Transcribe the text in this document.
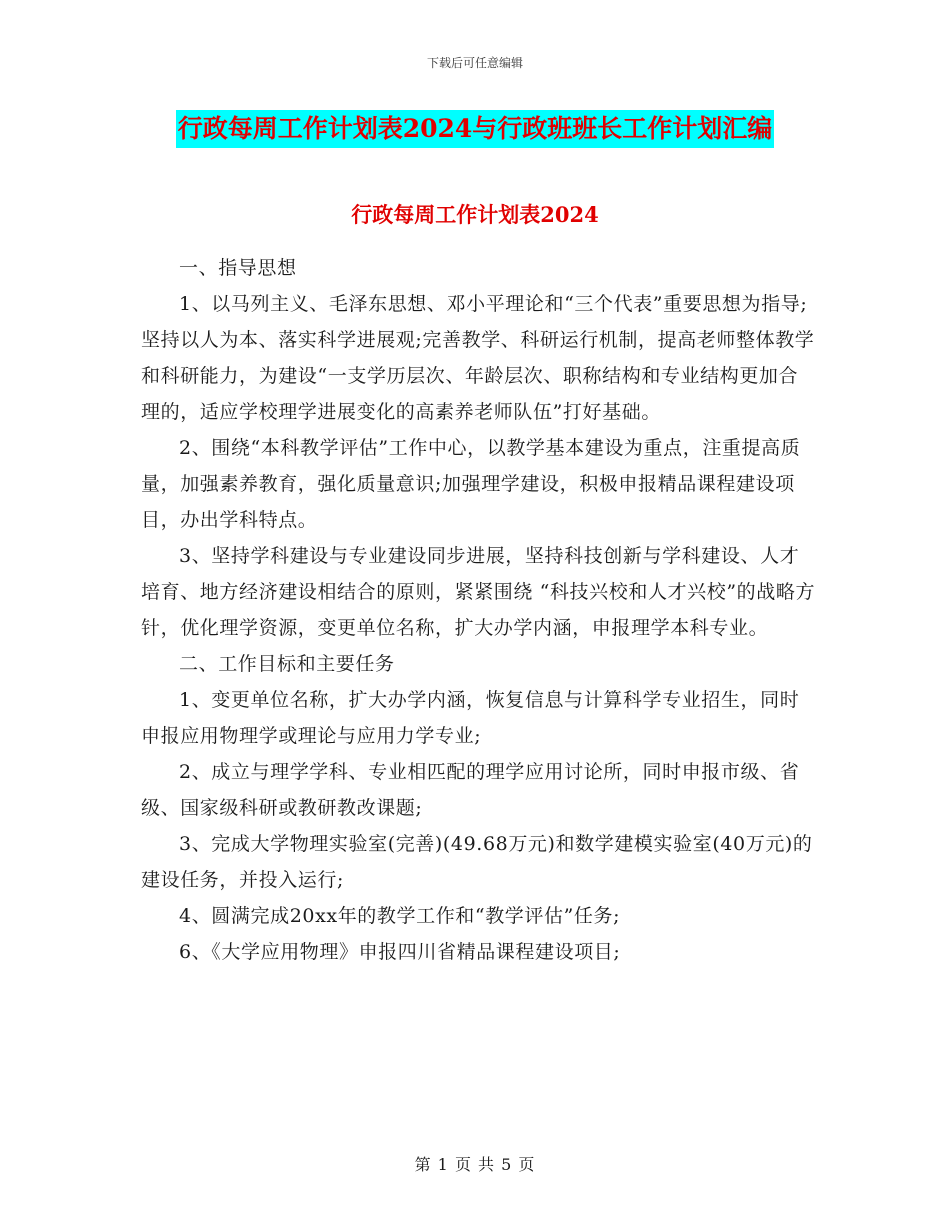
下载后可任意编辑
行政每周工作计划表2024与行政班班长工作计划汇编
行政每周工作计划表2024

一、指导思想

1、以马列主义、毛泽东思想、邓小平理论和“三个代表”重要思想为指导;坚持以人为本、落实科学进展观;完善教学、科研运行机制，提高老师整体教学和科研能力，为建设“一支学历层次、年龄层次、职称结构和专业结构更加合理的，适应学校理学进展变化的高素养老师队伍”打好基础。

2、围绕“本科教学评估”工作中心，以教学基本建设为重点，注重提高质量，加强素养教育，强化质量意识;加强理学建设，积极申报精品课程建设项目，办出学科特点。

3、坚持学科建设与专业建设同步进展，坚持科技创新与学科建设、人才培育、地方经济建设相结合的原则，紧紧围绕 “科技兴校和人才兴校”的战略方针，优化理学资源，变更单位名称，扩大办学内涵，申报理学本科专业。

二、工作目标和主要任务

1、变更单位名称，扩大办学内涵，恢复信息与计算科学专业招生，同时申报应用物理学或理论与应用力学专业;

2、成立与理学学科、专业相匹配的理学应用讨论所，同时申报市级、省级、国家级科研或教研教改课题;

3、完成大学物理实验室(完善)(49.68万元)和数学建模实验室(40万元)的建设任务，并投入运行;

4、圆满完成20xx年的教学工作和“教学评估”任务;

6、《大学应用物理》申报四川省精品课程建设项目;

第 1 页 共 5 页
